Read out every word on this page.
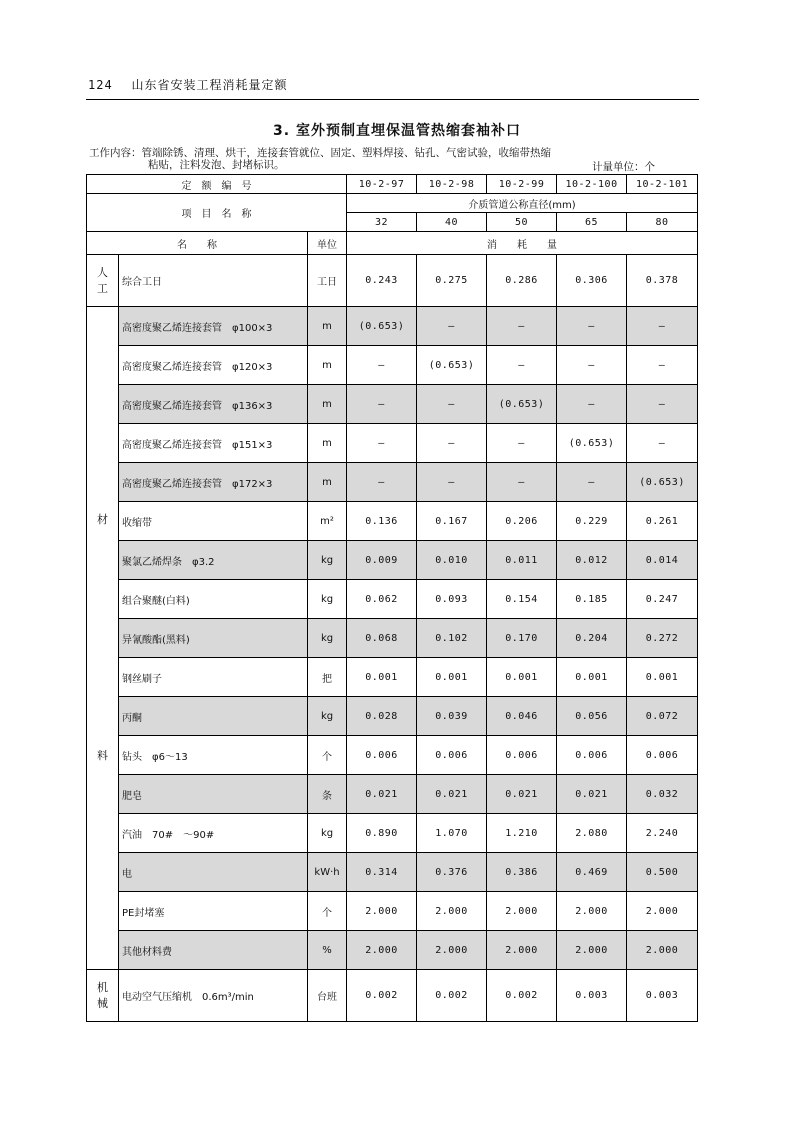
124 山东省安装工程消耗量定额
3. 室外预制直埋保温管热缩套袖补口
工作内容：管端除锈、清理、烘干，连接套管就位、固定、塑料焊接、钻孔、气密试验，收缩带热缩
粘贴，注料发泡、封堵标识。	计量单位：个
定　额　编　号			10-2-97	10-2-98	10-2-99	10-2-100	10-2-101
项　目　名　称			介质管道公称直径(mm)				
			32	40	50	65	80
名　　称		单位	消　　耗　　量				

人
工	综合工日	工日	0.243	0.275	0.286	0.306	0.378

材
料	高密度聚乙烯连接套管　φ100×3	m	(0.653)	—	—	—	—
	高密度聚乙烯连接套管　φ120×3	m	—	(0.653)	—	—	—
	高密度聚乙烯连接套管　φ136×3	m	—	—	(0.653)	—	—
	高密度聚乙烯连接套管　φ151×3	m	—	—	—	(0.653)	—
	高密度聚乙烯连接套管　φ172×3	m	—	—	—	—	(0.653)
	收缩带	m²	0.136	0.167	0.206	0.229	0.261
	聚氯乙烯焊条　φ3.2	kg	0.009	0.010	0.011	0.012	0.014
	组合聚醚(白料)	kg	0.062	0.093	0.154	0.185	0.247
	异氰酸酯(黑料)	kg	0.068	0.102	0.170	0.204	0.272
	钢丝刷子	把	0.001	0.001	0.001	0.001	0.001
	丙酮	kg	0.028	0.039	0.046	0.056	0.072
	钻头　φ6～13	个	0.006	0.006	0.006	0.006	0.006
	肥皂	条	0.021	0.021	0.021	0.021	0.032
	汽油　70#　～90#	kg	0.890	1.070	1.210	2.080	2.240
	电	kW·h	0.314	0.376	0.386	0.469	0.500
	PE封堵塞	个	2.000	2.000	2.000	2.000	2.000
	其他材料费	%	2.000	2.000	2.000	2.000	2.000

机
械	电动空气压缩机　0.6m³/min	台班	0.002	0.002	0.002	0.003	0.003
